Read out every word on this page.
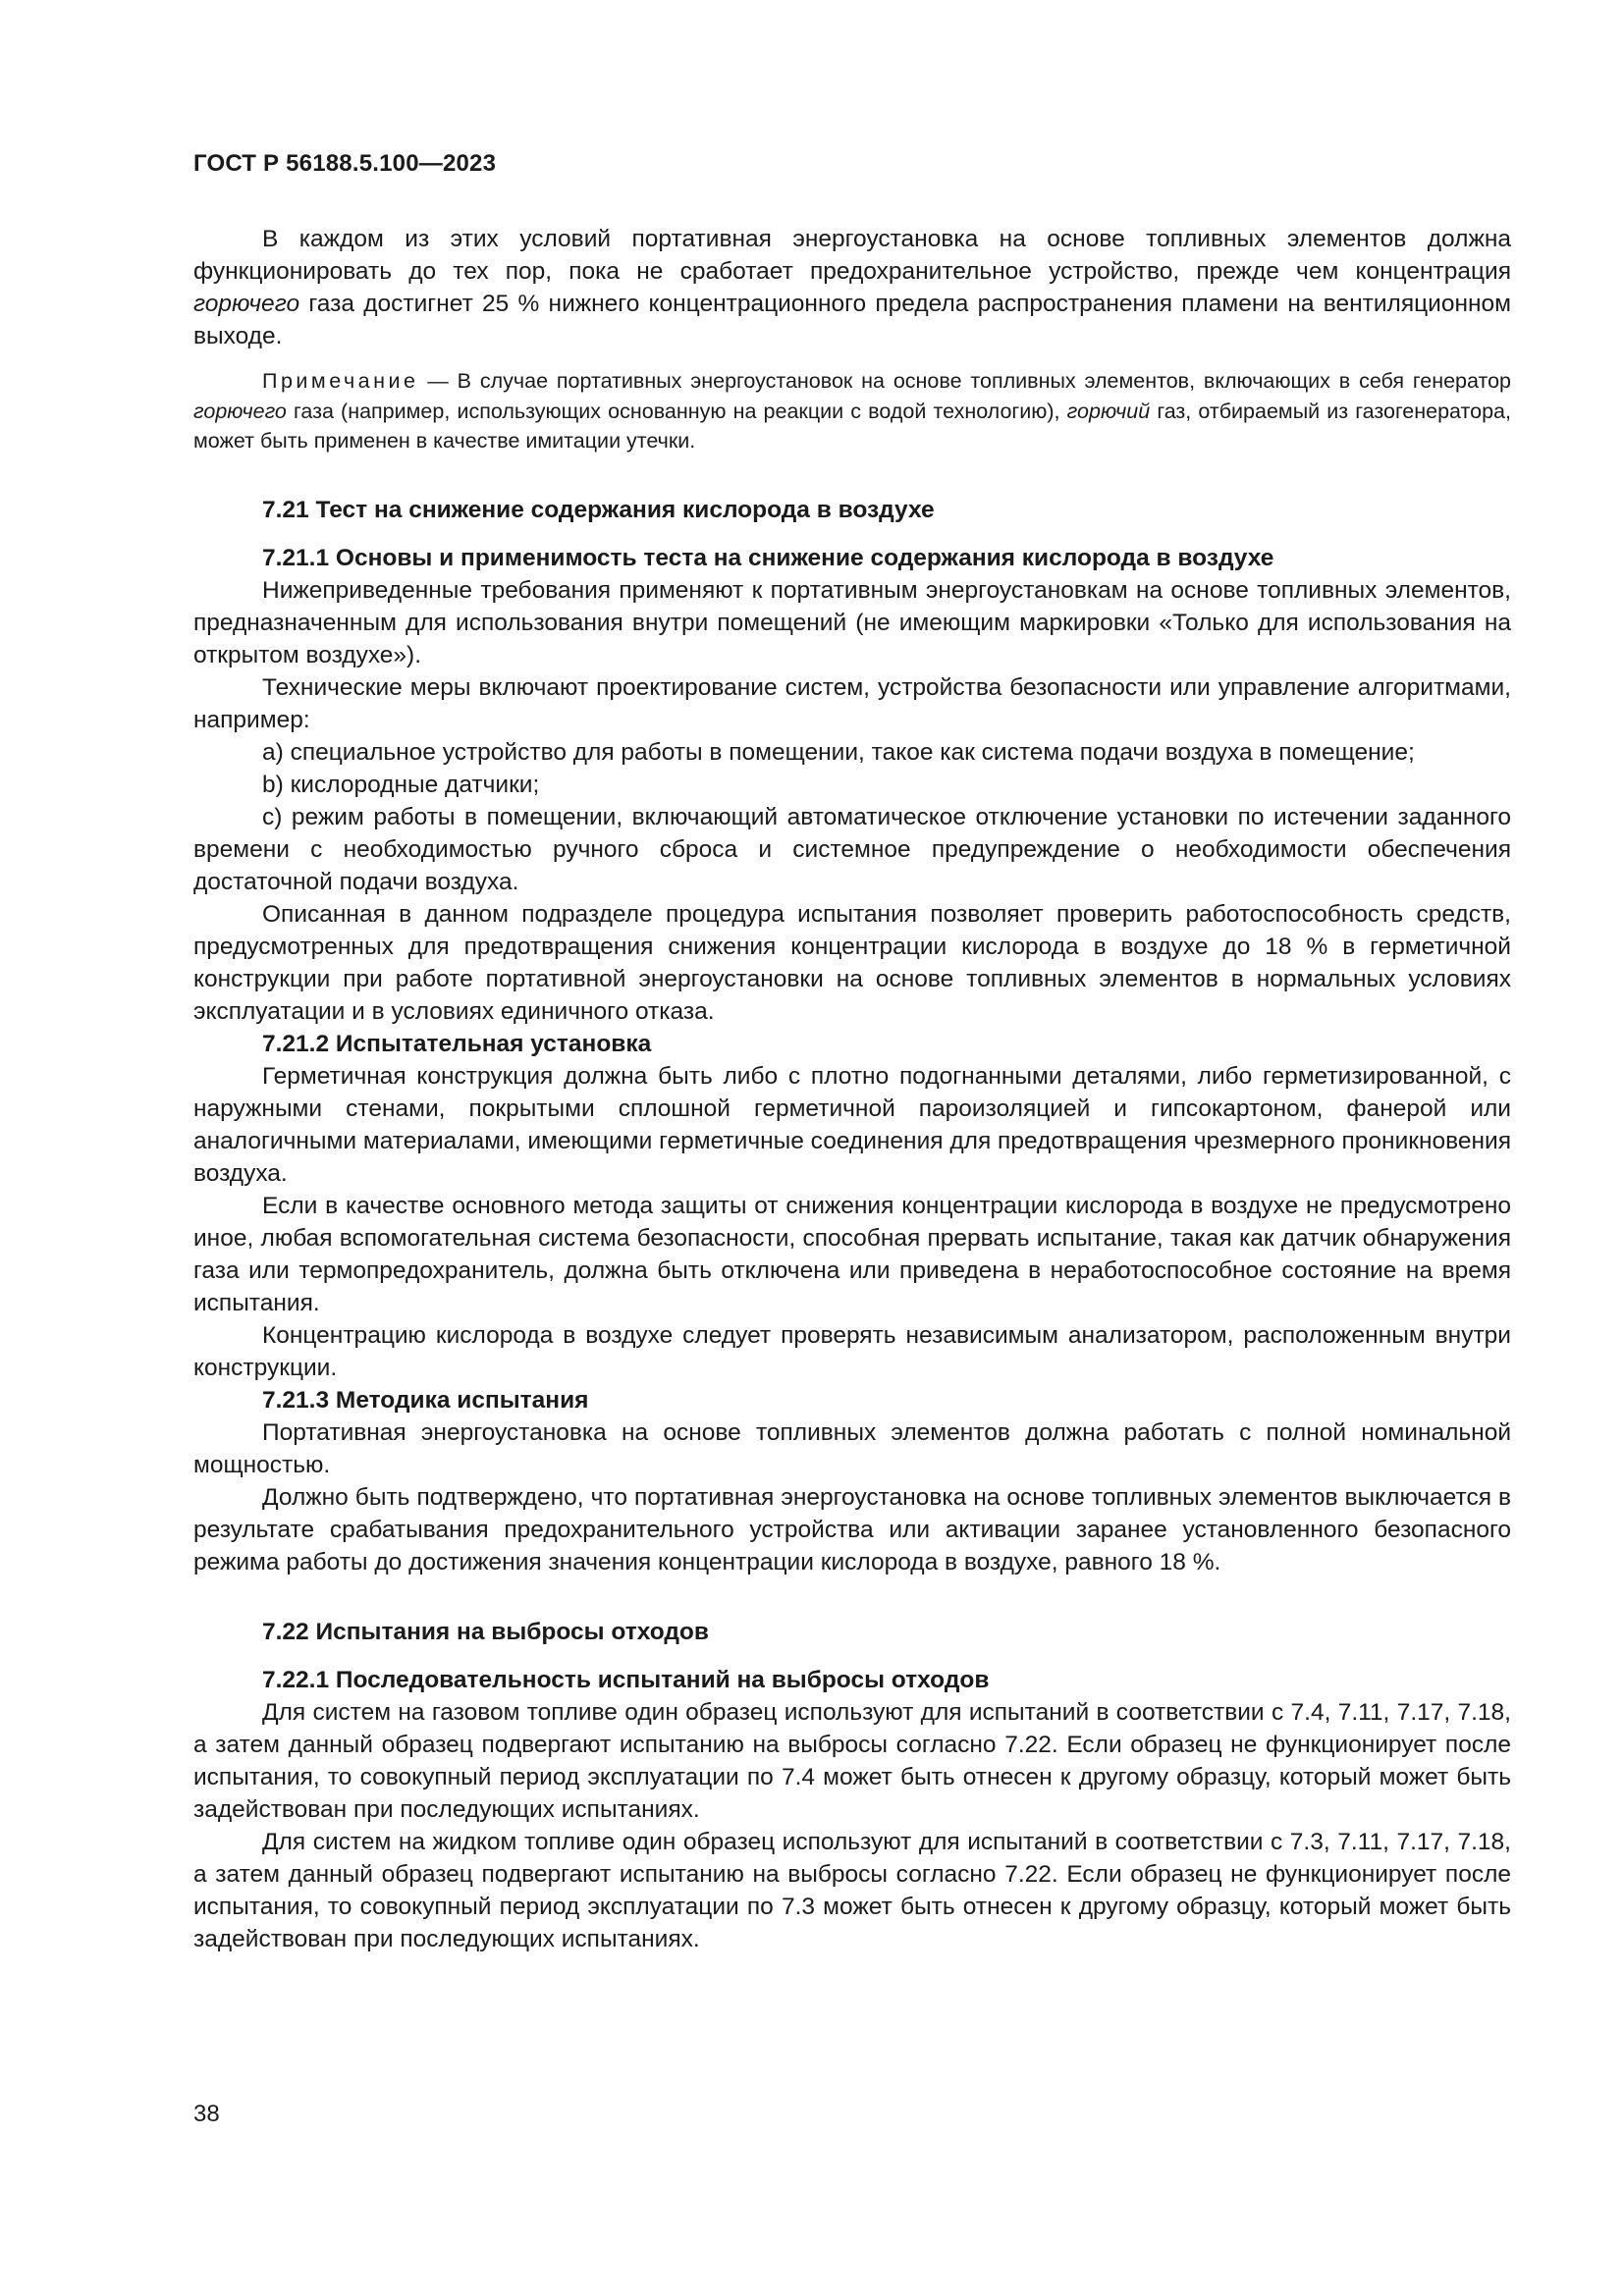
ГОСТ Р 56188.5.100—2023

В каждом из этих условий портативная энергоустановка на основе топливных элементов должна функционировать до тех пор, пока не сработает предохранительное устройство, прежде чем концентрация горючего газа достигнет 25 % нижнего концентрационного предела распространения пламени на вентиляционном выходе.

Примечание — В случае портативных энергоустановок на основе топливных элементов, включающих в себя генератор горючего газа (например, использующих основанную на реакции с водой технологию), горючий газ, отбираемый из газогенератора, может быть применен в качестве имитации утечки.

7.21 Тест на снижение содержания кислорода в воздухе

7.21.1 Основы и применимость теста на снижение содержания кислорода в воздухе

Нижеприведенные требования применяют к портативным энергоустановкам на основе топливных элементов, предназначенным для использования внутри помещений (не имеющим маркировки «Только для использования на открытом воздухе»).

Технические меры включают проектирование систем, устройства безопасности или управление алгоритмами, например:

a) специальное устройство для работы в помещении, такое как система подачи воздуха в помещение;

b) кислородные датчики;

c) режим работы в помещении, включающий автоматическое отключение установки по истечении заданного времени с необходимостью ручного сброса и системное предупреждение о необходимости обеспечения достаточной подачи воздуха.

Описанная в данном подразделе процедура испытания позволяет проверить работоспособность средств, предусмотренных для предотвращения снижения концентрации кислорода в воздухе до 18 % в герметичной конструкции при работе портативной энергоустановки на основе топливных элементов в нормальных условиях эксплуатации и в условиях единичного отказа.

7.21.2 Испытательная установка

Герметичная конструкция должна быть либо с плотно подогнанными деталями, либо герметизированной, с наружными стенами, покрытыми сплошной герметичной пароизоляцией и гипсокартоном, фанерой или аналогичными материалами, имеющими герметичные соединения для предотвращения чрезмерного проникновения воздуха.

Если в качестве основного метода защиты от снижения концентрации кислорода в воздухе не предусмотрено иное, любая вспомогательная система безопасности, способная прервать испытание, такая как датчик обнаружения газа или термопредохранитель, должна быть отключена или приведена в неработоспособное состояние на время испытания.

Концентрацию кислорода в воздухе следует проверять независимым анализатором, расположенным внутри конструкции.

7.21.3 Методика испытания

Портативная энергоустановка на основе топливных элементов должна работать с полной номинальной мощностью.

Должно быть подтверждено, что портативная энергоустановка на основе топливных элементов выключается в результате срабатывания предохранительного устройства или активации заранее установленного безопасного режима работы до достижения значения концентрации кислорода в воздухе, равного 18 %.

7.22 Испытания на выбросы отходов

7.22.1 Последовательность испытаний на выбросы отходов

Для систем на газовом топливе один образец используют для испытаний в соответствии с 7.4, 7.11, 7.17, 7.18, а затем данный образец подвергают испытанию на выбросы согласно 7.22. Если образец не функционирует после испытания, то совокупный период эксплуатации по 7.4 может быть отнесен к другому образцу, который может быть задействован при последующих испытаниях.

Для систем на жидком топливе один образец используют для испытаний в соответствии с 7.3, 7.11, 7.17, 7.18, а затем данный образец подвергают испытанию на выбросы согласно 7.22. Если образец не функционирует после испытания, то совокупный период эксплуатации по 7.3 может быть отнесен к другому образцу, который может быть задействован при последующих испытаниях.

38
